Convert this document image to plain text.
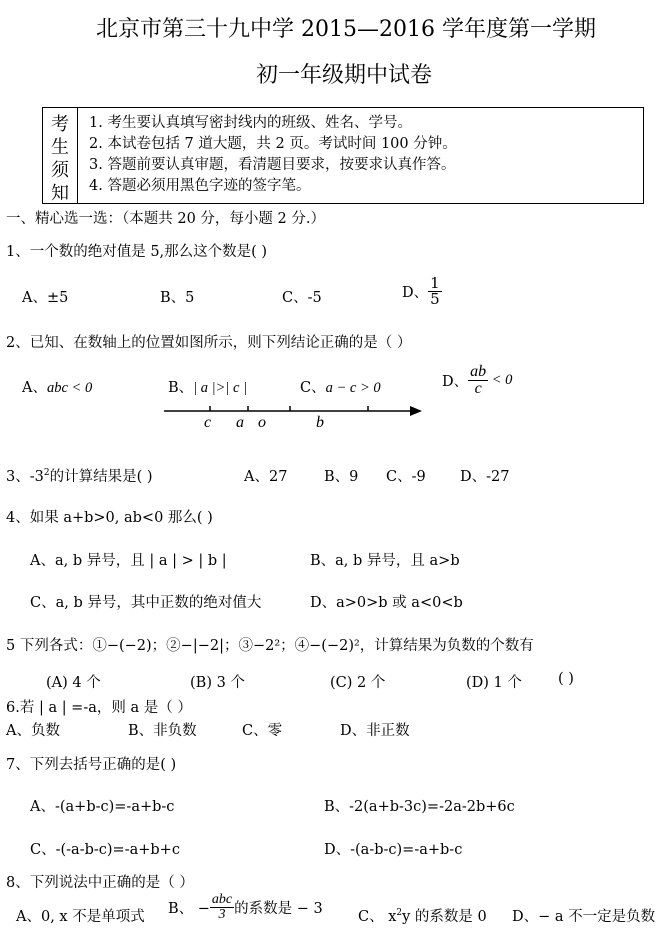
北京市第三十九中学 2015—2016 学年度第一学期
初一年级期中试卷
考
生
须
知
1. 考生要认真填写密封线内的班级、姓名、学号。
2. 本试卷包括 7 道大题，共 2 页。考试时间 100 分钟。
3. 答题前要认真审题，看清题目要求，按要求认真作答。
4. 答题必须用黑色字迹的签字笔。
一、精心选一选：（本题共 20 分，每小题 2 分.）
1、一个数的绝对值是 5,那么这个数是( )
A、±5	B、5	C、-5	D、 $\frac{1}{5}$
2、已知、在数轴上的位置如图所示，则下列结论正确的是（ ）
A、abc < 0	B、| a |>| c |	C、a − c > 0	D、 $\frac{ab}{c} < 0$
c a o	b
3、$-3^2$的计算结果是( )	A、27	B、9 C、-9 D、-27
4、如果 a+b>0, ab<0 那么( )
A、a, b 异号，且 | a | > | b |	B、a, b 异号，且 a>b
C、a, b 异号，其中正数的绝对值大	D、a>0>b 或 a<0<b
5 下列各式：①−(−2)；②−|−2|；③−2²；④−(−2)²，计算结果为负数的个数有
(A) 4 个	(B) 3 个	(C) 2 个	(D) 1 个 ( )
6.若 | a | =-a，则 a 是（ ）
A、负数	B、非负数	C、零	D、非正数
7、下列去括号正确的是( )
A、-(a+b-c)=-a+b-c	B、-2(a+b-3c)=-2a-2b+6c
C、-(-a-b-c)=-a+b+c	D、-(a-b-c)=-a+b-c
8、下列说法中正确的是（ ）
A、0, x 不是单项式 B、 − $\frac{\text{abc}}{3}$ 的系数是 − 3 C、 $x^2y$ 的系数是 0 D、− a 不一定是负数
